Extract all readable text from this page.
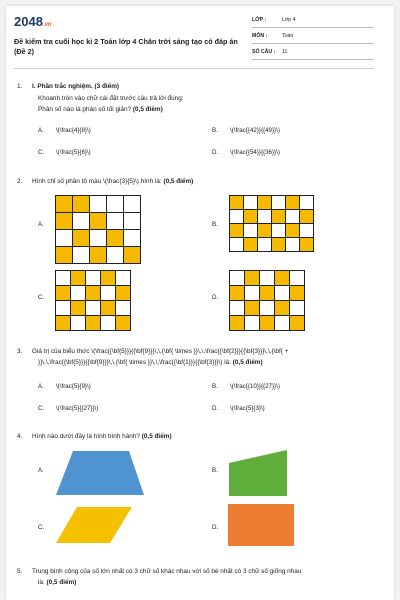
2048.vn
Đề kiểm tra cuối học kì 2 Toán lớp 4 Chân trời sáng tạo có đáp án (Đề 2)
LỚP :	Lớp 4
MÔN :	Toán
SỐ CÂU :	11
1. I. Phần trắc nghiệm. (3 điểm)
Khoanh tròn vào chữ cái đặt trước câu trả lời đúng:
Phân số nào là phân số tối giản? (0,5 điểm)
A. \(\frac{4}{8}\)	B. \(\frac{{42}}{{49}}\)
C. \(\frac{5}{6}\)	D. \(\frac{{54}}{{36}}\)
2. Hình chỉ số phần tô màu \(\frac{3}{5}\) hình là: (0,5 điểm)
A.	B.
C.	D.
3. Giá trị của biểu thức \(\frac{{\bf{5}}}{{\bf{9}}}\,\,{\bf{ \times }}\,\,\frac{{\bf{2}}}{{\bf{3}}}\,\,{\bf{ +
}}\,\,\frac{{\bf{5}}}{{\bf{9}}}\,\,{\bf{ \times }}\,\,\frac{{\bf{1}}}{{\bf{3}}}\) là: (0,5 điểm)
A. \(\frac{5}{9}\)	B. \(\frac{{10}}{{27}}\)
C. \(\frac{5}{{27}}\)	D. \(\frac{5}{3}\)
4. Hình nào dưới đây là hình bình hành? (0,5 điểm)
A.	B.
C.	D.
5. Trung bình cộng của số lớn nhất có 3 chữ số khác nhau với số bé nhất có 3 chữ số giống nhau
là: (0,5 điểm)
